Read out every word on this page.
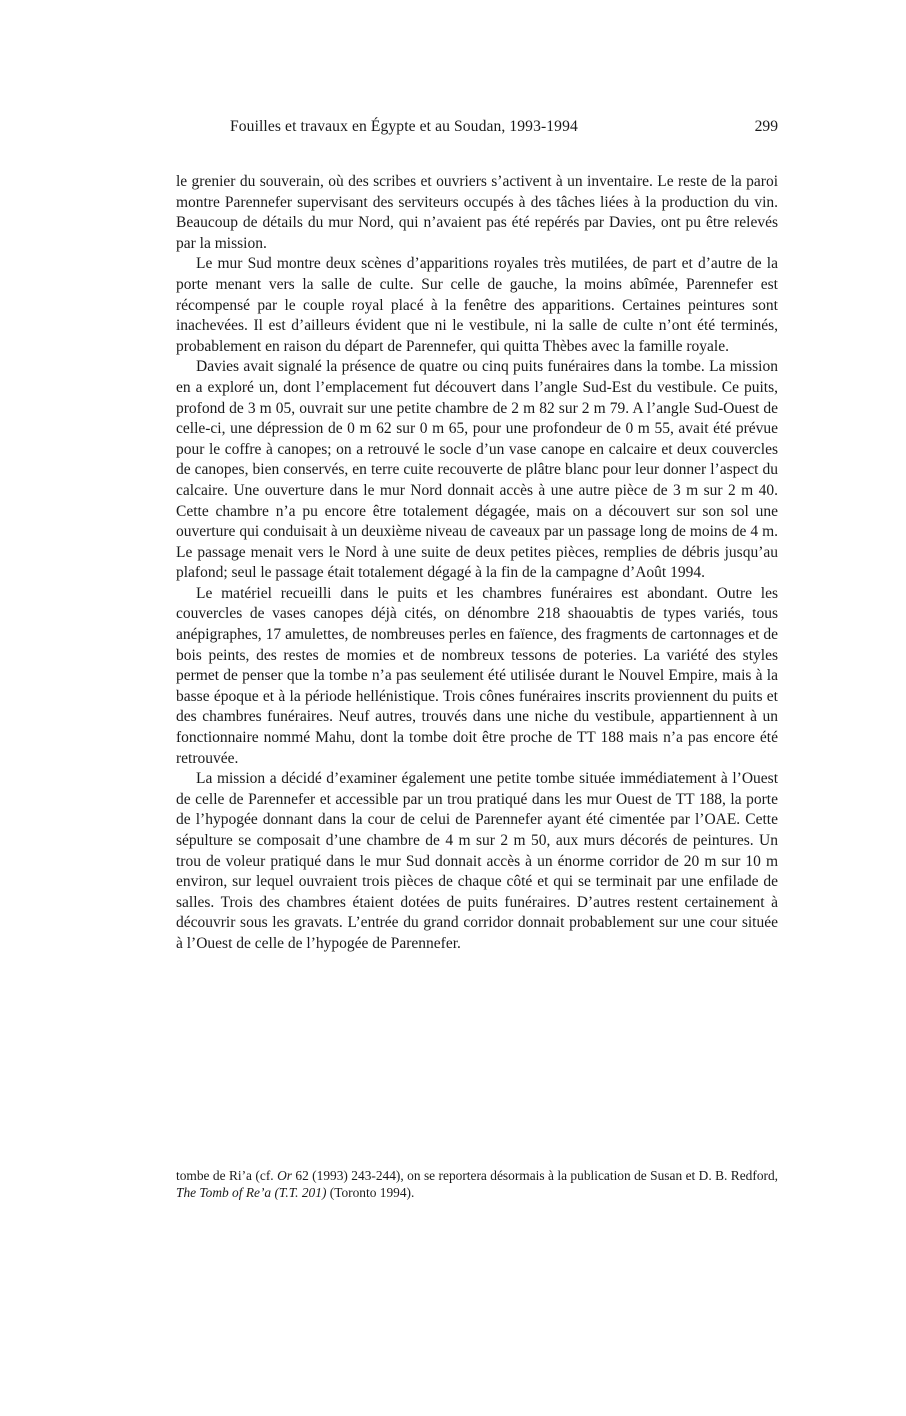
Fouilles et travaux en Égypte et au Soudan, 1993-1994	299

le grenier du souverain, où des scribes et ouvriers s’activent à un inventaire. Le reste de la paroi montre Parennefer supervisant des serviteurs occupés à des tâches liées à la production du vin. Beaucoup de détails du mur Nord, qui n’avaient pas été repérés par Davies, ont pu être relevés par la mission.

Le mur Sud montre deux scènes d’apparitions royales très mutilées, de part et d’autre de la porte menant vers la salle de culte. Sur celle de gauche, la moins abîmée, Parennefer est récompensé par le couple royal placé à la fenêtre des apparitions. Certaines peintures sont inachevées. Il est d’ailleurs évident que ni le vestibule, ni la salle de culte n’ont été terminés, probablement en raison du départ de Parennefer, qui quitta Thèbes avec la famille royale.

Davies avait signalé la présence de quatre ou cinq puits funéraires dans la tombe. La mission en a exploré un, dont l’emplacement fut découvert dans l’angle Sud-Est du vestibule. Ce puits, profond de 3 m 05, ouvrait sur une petite chambre de 2 m 82 sur 2 m 79. A l’angle Sud-Ouest de celle-ci, une dépression de 0 m 62 sur 0 m 65, pour une profondeur de 0 m 55, avait été prévue pour le coffre à canopes; on a retrouvé le socle d’un vase canope en calcaire et deux couvercles de canopes, bien conservés, en terre cuite recouverte de plâtre blanc pour leur donner l’aspect du calcaire. Une ouverture dans le mur Nord donnait accès à une autre pièce de 3 m sur 2 m 40. Cette chambre n’a pu encore être totalement dégagée, mais on a découvert sur son sol une ouverture qui conduisait à un deuxième niveau de caveaux par un passage long de moins de 4 m. Le passage menait vers le Nord à une suite de deux petites pièces, remplies de débris jusqu’au plafond; seul le passage était totalement dégagé à la fin de la campagne d’Août 1994.

Le matériel recueilli dans le puits et les chambres funéraires est abondant. Outre les couvercles de vases canopes déjà cités, on dénombre 218 shaouabtis de types variés, tous anépigraphes, 17 amulettes, de nombreuses perles en faïence, des fragments de cartonnages et de bois peints, des restes de momies et de nombreux tessons de poteries. La variété des styles permet de penser que la tombe n’a pas seulement été utilisée durant le Nouvel Empire, mais à la basse époque et à la période hellénistique. Trois cônes funéraires inscrits proviennent du puits et des chambres funéraires. Neuf autres, trouvés dans une niche du vestibule, appartiennent à un fonctionnaire nommé Mahu, dont la tombe doit être proche de TT 188 mais n’a pas encore été retrouvée.

La mission a décidé d’examiner également une petite tombe située immédiatement à l’Ouest de celle de Parennefer et accessible par un trou pratiqué dans les mur Ouest de TT 188, la porte de l’hypogée donnant dans la cour de celui de Parennefer ayant été cimentée par l’OAE. Cette sépulture se composait d’une chambre de 4 m sur 2 m 50, aux murs décorés de peintures. Un trou de voleur pratiqué dans le mur Sud donnait accès à un énorme corridor de 20 m sur 10 m environ, sur lequel ouvraient trois pièces de chaque côté et qui se terminait par une enfilade de salles. Trois des chambres étaient dotées de puits funéraires. D’autres restent certainement à découvrir sous les gravats. L’entrée du grand corridor donnait probablement sur une cour située à l’Ouest de celle de l’hypogée de Parennefer.

tombe de Ri’a (cf. Or 62 (1993) 243-244), on se reportera désormais à la publication de Susan et D. B. Redford, The Tomb of Re’a (T.T. 201) (Toronto 1994).
